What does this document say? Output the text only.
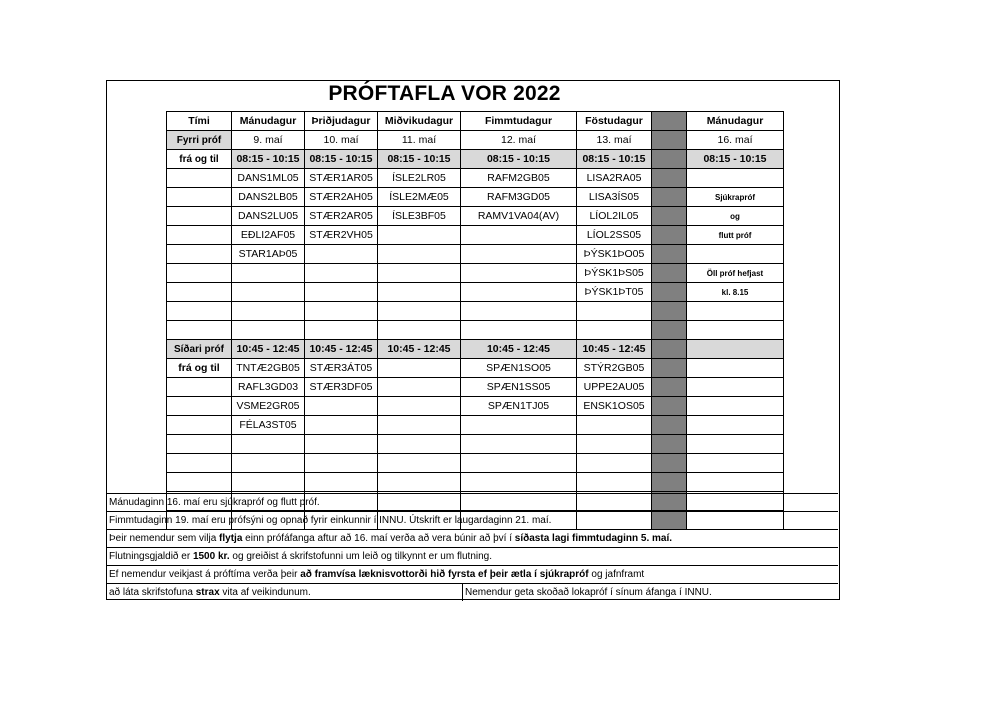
PRÓFTAFLA VOR 2022
Tími	Mánudagur	Þriðjudagur	Miðvikudagur	Fimmtudagur	Föstudagur		Mánudagur
Fyrri próf	9. maí	10. maí	11. maí	12. maí	13. maí		16. maí
frá og til	08:15 - 10:15	08:15 - 10:15	08:15 - 10:15	08:15 - 10:15	08:15 - 10:15		08:15 - 10:15
	DANS1ML05	STÆR1AR05	ÍSLE2LR05	RAFM2GB05	LISA2RA05		
	DANS2LB05	STÆR2AH05	ÍSLE2MÆ05	RAFM3GD05	LISA3ÍS05		Sjúkrapróf
	DANS2LU05	STÆR2AR05	ÍSLE3BF05	RAMV1VA04(AV)	LÍOL2IL05		og
	EÐLI2AF05	STÆR2VH05			LÍOL2SS05		flutt próf
	STAR1AÞ05				ÞÝSK1ÞO05		
					ÞÝSK1ÞS05		Öll próf hefjast
					ÞÝSK1ÞT05		kl. 8.15

Síðari próf	10:45 - 12:45	10:45 - 12:45	10:45 - 12:45	10:45 - 12:45	10:45 - 12:45		
frá og til	TNTÆ2GB05	STÆR3ÁT05		SPÆN1SO05	STÝR2GB05		
	RAFL3GD03	STÆR3DF05		SPÆN1SS05	UPPE2AU05		
	VSME2GR05			SPÆN1TJ05	ENSK1OS05		
	FÉLA3ST05						

Mánudaginn 16. maí eru sjúkrapróf og flutt próf.
Fimmtudaginn 19. maí eru prófsýni og opnað fyrir einkunnir í INNU. Útskrift er laugardaginn 21. maí.
Þeir nemendur sem vilja flytja einn prófáfanga aftur að 16. maí verða að vera búnir að því í síðasta lagi fimmtudaginn 5. maí.
Flutningsgjaldið er 1500 kr. og greiðist á skrifstofunni um leið og tilkynnt er um flutning.
Ef nemendur veikjast á próftíma verða þeir að framvísa læknisvottorði hið fyrsta ef þeir ætla í sjúkrapróf og jafnframt
að láta skrifstofuna strax vita af veikindunum.	Nemendur geta skoðað lokapróf í sínum áfanga í INNU.
